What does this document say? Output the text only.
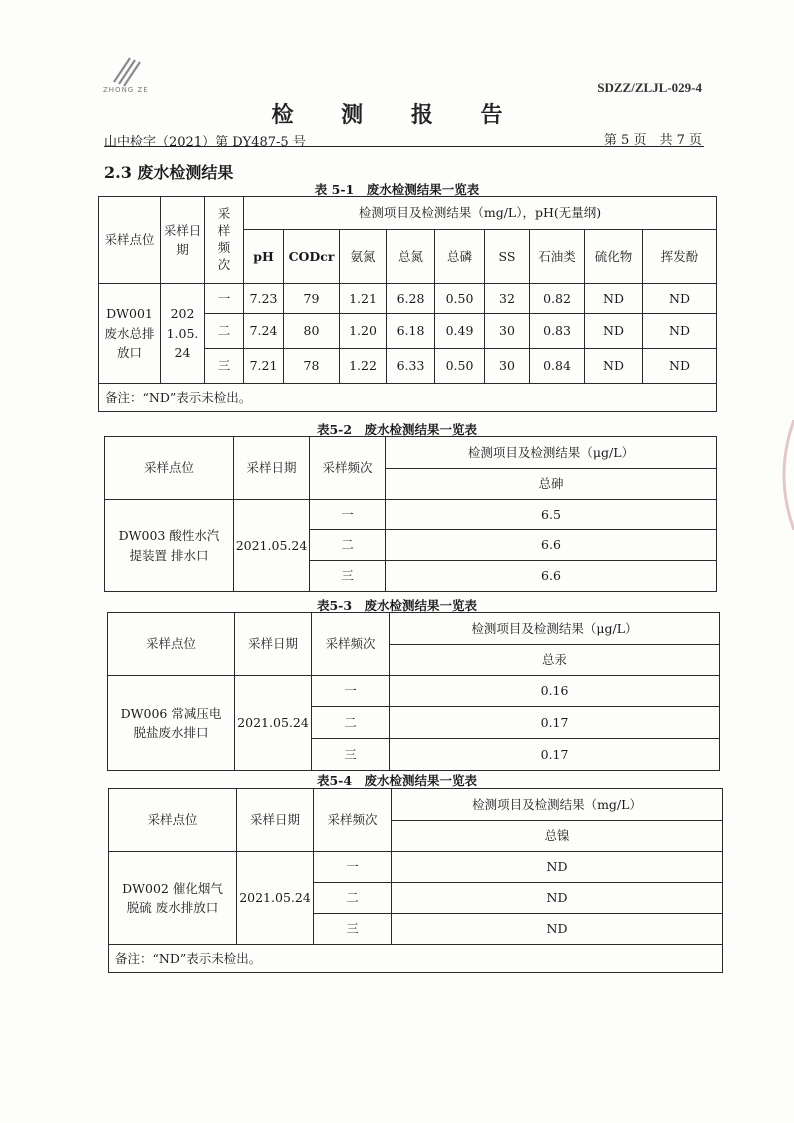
ZHONG ZE	SDZZ/ZLJL-029-4
检 测 报 告
山中检字（2021）第 DY487-5 号	第 5 页　共 7 页
2.3 废水检测结果
表 5-1　废水检测结果一览表
采样点位	采样日期	采样频次	检测项目及检测结果（mg/L），pH(无量纲)								
			pH	CODcr	氨氮	总氮	总磷	SS	石油类	硫化物	挥发酚
DW001 废水总排放口	2021.05.24	一	7.23	79	1.21	6.28	0.50	32	0.82	ND	ND
		二	7.24	80	1.20	6.18	0.49	30	0.83	ND	ND
		三	7.21	78	1.22	6.33	0.50	30	0.84	ND	ND
备注：“ND”表示未检出。											
表5-2　废水检测结果一览表
采样点位	采样日期	采样频次	检测项目及检测结果（μg/L）
			总砷
DW003 酸性水汽提装置 排水口	2021.05.24	一	6.5
		二	6.6
		三	6.6
表5-3　废水检测结果一览表
采样点位	采样日期	采样频次	检测项目及检测结果（μg/L）
			总汞
DW006 常减压电 脱盐废水排口	2021.05.24	一	0.16
		二	0.17
		三	0.17
表5-4　废水检测结果一览表
采样点位	采样日期	采样频次	检测项目及检测结果（mg/L）
			总镍
DW002 催化烟气脱硫 废水排放口	2021.05.24	一	ND
		二	ND
		三	ND
备注：“ND”表示未检出。			
